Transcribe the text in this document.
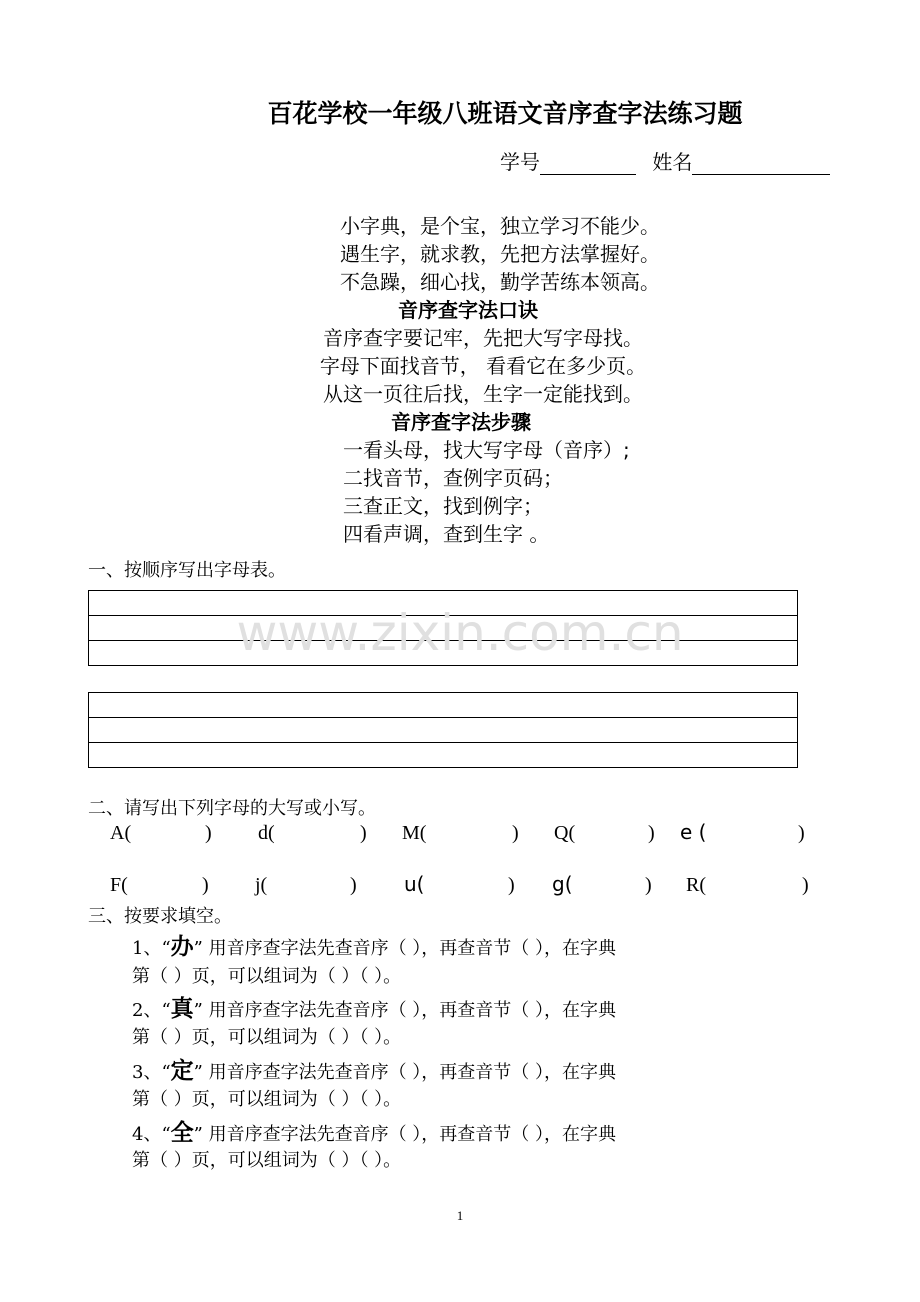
百花学校一年级八班语文音序查字法练习题
学号	姓名
小字典，是个宝，独立学习不能少。
遇生字，就求教，先把方法掌握好。
不急躁，细心找，勤学苦练本领高。
音序查字法口诀
音序查字要记牢，先把大写字母找。
字母下面找音节， 看看它在多少页。
从这一页往后找，生字一定能找到。
音序查字法步骤
一看头母，找大写字母（音序）;
二找音节，查例字页码；
三查正文，找到例字；
四看声调，查到生字 。
一、按顺序写出字母表。
www.zixin.com.cn
二、请写出下列字母的大写或小写。
A(	) d(	) M(	) Q(	) e (	)
F(	) j(	) u(	) g(	) R(	)
三、按要求填空。
1、“办” 用音序查字法先查音序（ ），再查音节（ ），在字典
第（ ）页，可以组词为（ ）（ ）。
2、“真” 用音序查字法先查音序（ ），再查音节（ ），在字典
第（ ）页，可以组词为（ ）（ ）。
3、“定” 用音序查字法先查音序（ ），再查音节（ ），在字典
第（ ）页，可以组词为（ ）（ ）。
4、“全” 用音序查字法先查音序（ ），再查音节（ ），在字典
第（ ）页，可以组词为（ ）（ ）。
1
